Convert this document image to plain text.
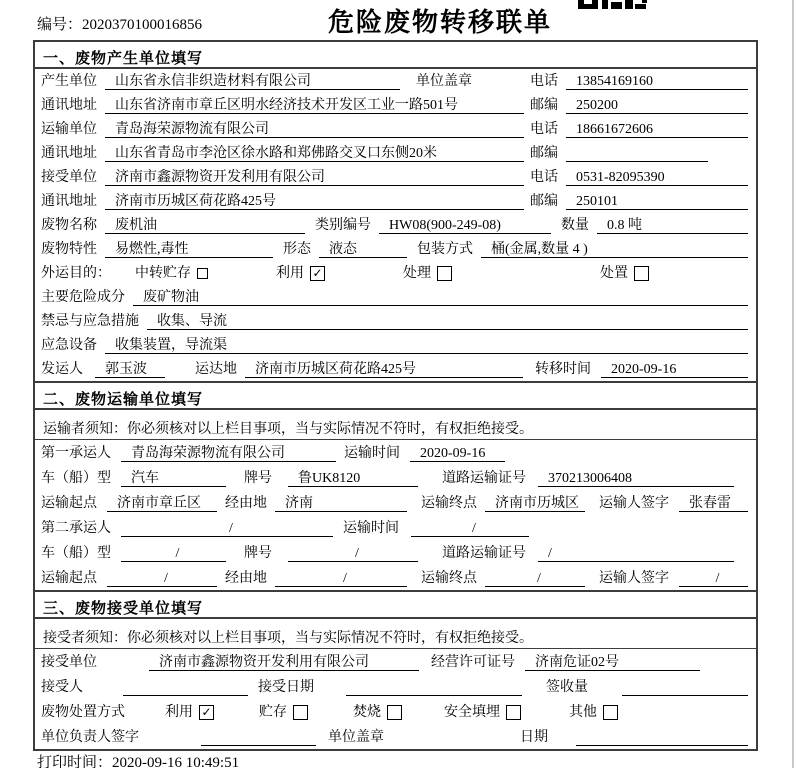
编号：2020370100016856	危险废物转移联单
一、废物产生单位填写
产生单位	山东省永信非织造材料有限公司	单位盖章	电话	13854169160
通讯地址	山东省济南市章丘区明水经济技术开发区工业一路501号	邮编	250200
运输单位	青岛海荣源物流有限公司	电话	18661672606
通讯地址	山东省青岛市李沧区徐水路和郑佛路交叉口东侧20米	邮编
接受单位	济南市鑫源物资开发利用有限公司	电话	0531-82095390
通讯地址	济南市历城区荷花路425号	邮编	250101
废物名称	废机油	类别编号	HW08(900-249-08)	数量	0.8 吨
废物特性	易燃性,毒性	形态	液态	包装方式	桶(金属,数量 4 )
外运目的： 中转贮存	利用 ✓	处理	处置
主要危险成分	废矿物油
禁忌与应急措施	收集、导流
应急设备	收集装置，导流渠
发运人	郭玉波	运达地	济南市历城区荷花路425号	转移时间	2020-09-16
二、废物运输单位填写
运输者须知：你必须核对以上栏目事项，当与实际情况不符时，有权拒绝接受。
第一承运人	青岛海荣源物流有限公司	运输时间	2020-09-16
车（船）型	汽车	牌号	鲁UK8120	道路运输证号	370213006408
运输起点	济南市章丘区	经由地	济南	运输终点	济南市历城区	运输人签字	张春雷
第二承运人	/	运输时间	/
车（船）型	/	牌号	/	道路运输证号	/
运输起点	/	经由地	/	运输终点	/	运输人签字	/
三、废物接受单位填写
接受者须知：你必须核对以上栏目事项，当与实际情况不符时，有权拒绝接受。
接受单位	济南市鑫源物资开发利用有限公司	经营许可证号	济南危证02号
接受人	接受日期	签收量
废物处置方式	利用 ✓	贮存	焚烧	安全填埋	其他
单位负责人签字	单位盖章	日期
打印时间：2020-09-16 10:49:51
